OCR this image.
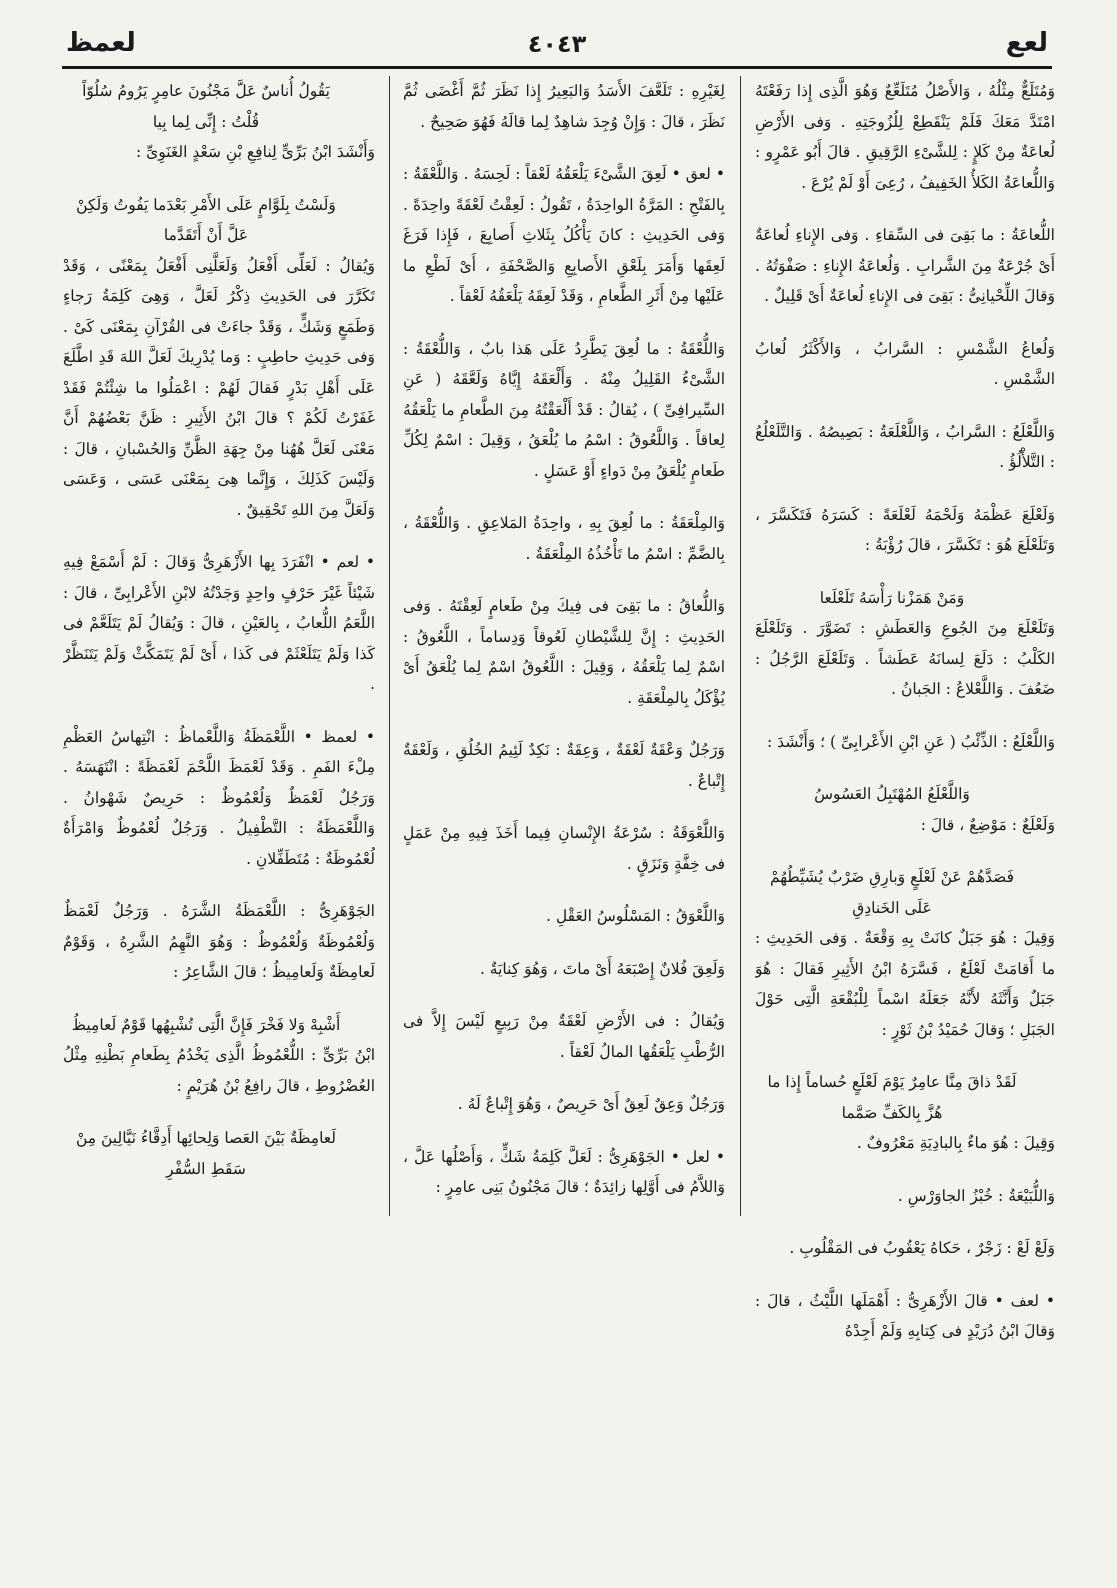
لعع
٤٠٤٣
لعمظ

وَمُتَلَعٌّ مِثْلُهُ ، وَالأَصْلُ مُتَلَعِّعٌ وَهُوَ الَّذِى إِذا رَفَعْتَهُ امْتَدَّ مَعَكَ فَلَمْ يَنْقَطِعْ لِلُزُوجَتِهِ . وَفى الأَرْضِ لُعاعَةٌ مِنْ كَلإٍ : لِلشَّىْءِ الرَّقِيقِ . قالَ أَبُو عَمْرٍو : وَاللُّعاعَةُ الكَلأُ الخَفِيفُ ، رُعِىَ أَوْ لَمْ يُرْعَ .

اللُّعاعَةُ : ما بَقِىَ فى السِّقاءِ . وَفى الإِناءِ لُعاعَةٌ أَىْ جُرْعَةٌ مِنَ الشَّرابِ . وَلُعاعَةُ الإِناءِ : صَفْوَتُهُ . وَقالَ اللِّحْيانِىُّ : بَقِىَ فى الإِناءِ لُعاعَةٌ أَىْ قَلِيلٌ .

وَلُعاعُ الشَّمْسِ : السَّرابُ ، وَالأَكْثَرُ لُعابُ الشَّمْسِ .

وَاللَّعْلَعُ : السَّرابُ ، وَاللَّعْلَعَةُ : بَصِيصُهُ . وَالتَّلَعْلُعُ : التَّلأْلُؤُ .

وَلَعْلَعَ عَظْمَهُ وَلَحْمَهُ لَعْلَعَةً : كَسَرَهُ فَتَكَسَّرَ ، وَتَلَعْلَعَ هُوَ : تَكَسَّرَ ، قالَ رُؤْبَةُ :

وَمَنْ هَمَزْنا رَأْسَهُ تَلَعْلَعا

وَتَلَعْلَعَ مِنَ الجُوعِ وَالعَطَشِ : تَضَوَّرَ . وَتَلَعْلَعَ الكَلْبُ : دَلَعَ لِسانَهُ عَطَشاً . وَتَلَعْلَعَ الرَّجُلُ : ضَعُفَ . وَاللَّعْلاعُ : الجَبانُ .

وَاللَّعْلَعُ : الذِّئْبُ ( عَنِ ابْنِ الأَعْرابِىِّ ) ؛ وَأَنْشَدَ :

وَاللَّعْلَعُ المُهْتَبِلُ العَسُوسُ

وَلَعْلَعٌ : مَوْضِعٌ ، قالَ :

فَصَدَّهُمْ عَنْ لَعْلَعٍ وَبارِقِ ضَرْبٌ يُشَيِّطُهُمْ عَلَى الخَنادِقِ

وَقِيلَ : هُوَ جَبَلٌ كانَتْ بِهِ وَقْعَةٌ . وَفى الحَدِيثِ : ما أَقامَتْ لَعْلَعُ ، فَسَّرَهُ ابْنُ الأَثِيرِ فَقالَ : هُوَ جَبَلٌ وَأَنَّثَهُ لأَنَّهُ جَعَلَهُ اسْماً لِلْبُقْعَةِ الَّتِى حَوْلَ الجَبَلِ ؛ وَقالَ حُمَيْدُ بْنُ ثَوْرٍ :

لَقَدْ ذاقَ مِنَّا عامِرٌ يَوْمَ لَعْلَعٍ حُساماً إِذا ما هُزَّ بِالكَفِّ صَمَّما

وَقِيلَ : هُوَ ماءٌ بِالبادِيَةِ مَعْرُوفٌ .

وَاللُّبَيْعَةُ : خُبْزُ الجاوَرْسِ .

وَلَعْ لَعْ : زَجْرٌ ، حَكاهُ يَعْقُوبُ فى المَقْلُوبِ .

• لعف • قالَ الأَزْهَرِىُّ : أَهْمَلَها اللَّيْثُ ، قالَ : وَقالَ ابْنُ دُرَيْدٍ فى كِتابِهِ وَلَمْ أَجِدْهُ

لِغَيْرِهِ : تَلَعَّفَ الأَسَدُ وَالبَعِيرُ إِذا نَظَرَ ثُمَّ أَغْضَى ثُمَّ نَظَرَ ، قالَ : وَإِنْ وُجِدَ شاهِدٌ لِما قالَهُ فَهُوَ صَحِيحٌ .

• لعق • لَعِقَ الشَّىْءَ يَلْعَقُهُ لَعْقاً : لَحِسَهُ . وَاللَّعْقَةُ : بِالفَتْحِ : المَرَّةُ الواحِدَةُ ، تَقُولُ : لَعِقْتُ لَعْقَةً واحِدَةً . وَفى الحَدِيثِ : كانَ يَأْكُلُ بِثَلاثِ أَصابِعَ ، فَإِذا فَرَغَ لَعِقَها وَأَمَرَ بِلَعْقِ الأَصابِعِ وَالصَّحْفَةِ ، أَىْ لَطْعِ ما عَلَيْها مِنْ أَثَرِ الطَّعامِ ، وَقَدْ لَعِقَهُ يَلْعَقُهُ لَعْقاً .

وَاللُّعْقَةُ : ما لُعِقَ يَطَّرِدُ عَلَى هَذا بابٌ ، وَاللُّعْقَةُ : الشَّىْءُ القَلِيلُ مِنْهُ . وَأَلْعَقَهُ إِيَّاهُ وَلَعَّقَهُ ( عَنِ السِّيرافِىِّ ) ، يُقالُ : قَدْ أَلْعَقْتُهُ مِنَ الطَّعامِ ما يَلْعَقُهُ لِعاقاً . وَاللَّعُوقُ : اسْمُ ما يُلْعَقُ ، وَقِيلَ : اسْمٌ لِكُلِّ طَعامٍ يُلْعَقُ مِنْ دَواءٍ أَوْ عَسَلٍ .

وَالمِلْعَقَةُ : ما لُعِقَ بِهِ ، واحِدَةُ المَلاعِقِ . وَاللُّعْقَةُ ، بِالضَّمِّ : اسْمُ ما تَأْخُذُهُ المِلْعَقَةُ .

وَاللُّعاقُ : ما بَقِىَ فى فِيكَ مِنْ طَعامٍ لَعِقْتَهُ . وَفى الحَدِيثِ : إِنَّ لِلشَّيْطانِ لَعُوقاً وَدِساماً ، اللَّعُوقُ : اسْمٌ لِما يَلْعَقُهُ ، وَقِيلَ : اللَّعُوقُ اسْمٌ لِما يُلْعَقُ أَىْ يُؤْكَلُ بِالمِلْعَقَةِ .

وَرَجُلٌ وَعْقَةٌ لَعْقَةٌ ، وَعِقَةٌ : نَكِدٌ لَئِيمُ الخُلُقِ ، وَلَعْقَةٌ إِتْباعٌ .

وَاللَّعْوَقَةُ : سُرْعَةُ الإِنْسانِ فِيما أَخَذَ فِيهِ مِنْ عَمَلٍ فى خِفَّةٍ وَنَزَقٍ .

وَاللَّعْوَقُ : المَسْلُوسُ العَقْلِ .

وَلَعِقَ فُلانٌ إِصْبَعَهُ أَىْ ماتَ ، وَهُوَ كِنايَةٌ .

وَيُقالُ : فى الأَرْضِ لَعْقَةٌ مِنْ رَبِيعٍ لَيْسَ إِلاَّ فى الرُّطْبِ يَلْعَقُها المالُ لَعْقاً .

وَرَجُلٌ وَعِقٌ لَعِقٌ أَىْ حَرِيصٌ ، وَهُوَ إِتْباعٌ لَهُ .

• لعل • الجَوْهَرِىُّ : لَعَلَّ كَلِمَةُ شَكٍّ ، وَأَصْلُها عَلَّ ، وَاللاَّمُ فى أَوَّلِها زائِدَةٌ ؛ قالَ مَجْنُونُ بَنِى عامِرٍ :

يَقُولُ أُناسٌ عَلَّ مَجْنُونَ عامِرٍ يَرُومُ سُلُوّاً قُلْتُ : إِنِّى لِما بِيا

وَأَنْشَدَ ابْنُ بَرِّىٍّ لِنافِعِ بْنِ سَعْدٍ الغَنَوِىِّ :

وَلَسْتُ بِلَوَّامٍ عَلَى الأَمْرِ بَعْدَما يَفُوتُ وَلَكِنْ عَلَّ أَنْ أَتَقَدَّما

وَيُقالُ : لَعَلِّى أَفْعَلُ وَلَعَلَّنِى أَفْعَلُ بِمَعْنًى ، وَقَدْ تَكَرَّرَ فى الحَدِيثِ ذِكْرُ لَعَلَّ ، وَهِىَ كَلِمَةُ رَجاءٍ وَطَمَعٍ وَشَكٍّ ، وَقَدْ جاءَتْ فى القُرْآنِ بِمَعْنَى كَىْ . وَفى حَدِيثِ حاطِبٍ : وَما يُدْرِيكَ لَعَلَّ اللهَ قَدِ اطَّلَعَ عَلَى أَهْلِ بَدْرٍ فَقالَ لَهُمْ : اعْمَلُوا ما شِئْتُمْ فَقَدْ غَفَرْتُ لَكُمْ ؟ قالَ ابْنُ الأَثِيرِ : ظَنَّ بَعْضُهُمْ أَنَّ مَعْنَى لَعَلَّ هُهُنا مِنْ جِهَةِ الظَّنِّ وَالحُسْبانِ ، قالَ : وَلَيْسَ كَذَلِكَ ، وَإِنَّما هِىَ بِمَعْنَى عَسَى ، وَعَسَى وَلَعَلَّ مِنَ اللهِ تَحْقِيقٌ .

• لعم • انْفَرَدَ بِها الأَزْهَرِىُّ وَقالَ : لَمْ أَسْمَعْ فِيهِ شَيْئاً غَيْرَ حَرْفٍ واحِدٍ وَجَدْتُهُ لابْنِ الأَعْرابِىِّ ، قالَ : اللَّعَمُ اللُّعابُ ، بِالعَيْنِ ، قالَ : وَيُقالُ لَمْ يَتَلَعَّمْ فى كَذا وَلَمْ يَتَلَعْثَمْ فى كَذا ، أَىْ لَمْ يَتَمَكَّثْ وَلَمْ يَتَنَظَّرْ .

• لعمظ • اللَّعْمَظَةُ وَاللَّعْماظُ : انْتِهاسُ العَظْمِ مِلْءَ الفَمِ . وَقَدْ لَعْمَظَ اللَّحْمَ لَعْمَظَةً : انْتَهَسَهُ . وَرَجُلٌ لَعْمَظٌ وَلُعْمُوظٌ : حَرِيصٌ شَهْوانُ . وَاللَّعْمَظَةُ : التَّطْفِيلُ . وَرَجُلٌ لُعْمُوظٌ وَامْرَأَةٌ لُعْمُوظَةٌ : مُتَطَفِّلانِ .

الجَوْهَرِىُّ : اللَّعْمَظَةُ الشَّرَهُ . وَرَجُلٌ لَعْمَظٌ وَلُعْمُوظَةٌ وَلُعْمُوظٌ : وَهُوَ النَّهِمُ الشَّرِهُ ، وَقَوْمٌ لَعامِظَةٌ وَلَعامِيظُ ؛ قالَ الشَّاعِرُ :

أَشْبِهْ وَلا فَخْرَ فَإِنَّ الَّتِى تُشْبِهُها قَوْمٌ لَعامِيظُ

ابْنُ بَرِّىٍّ : اللُّعْمُوظُ الَّذِى يَخْدُمُ بِطَعامِ بَطْنِهِ مِثْلُ العُضْرُوطِ ، قالَ رافِعُ بْنُ هُرَيْمٍ :

لَعامِظَةٌ بَيْنَ العَصا وَلِحائِها أَدِقَّاءُ نَيَّالِينَ مِنْ سَقَطِ السُّفْرِ
